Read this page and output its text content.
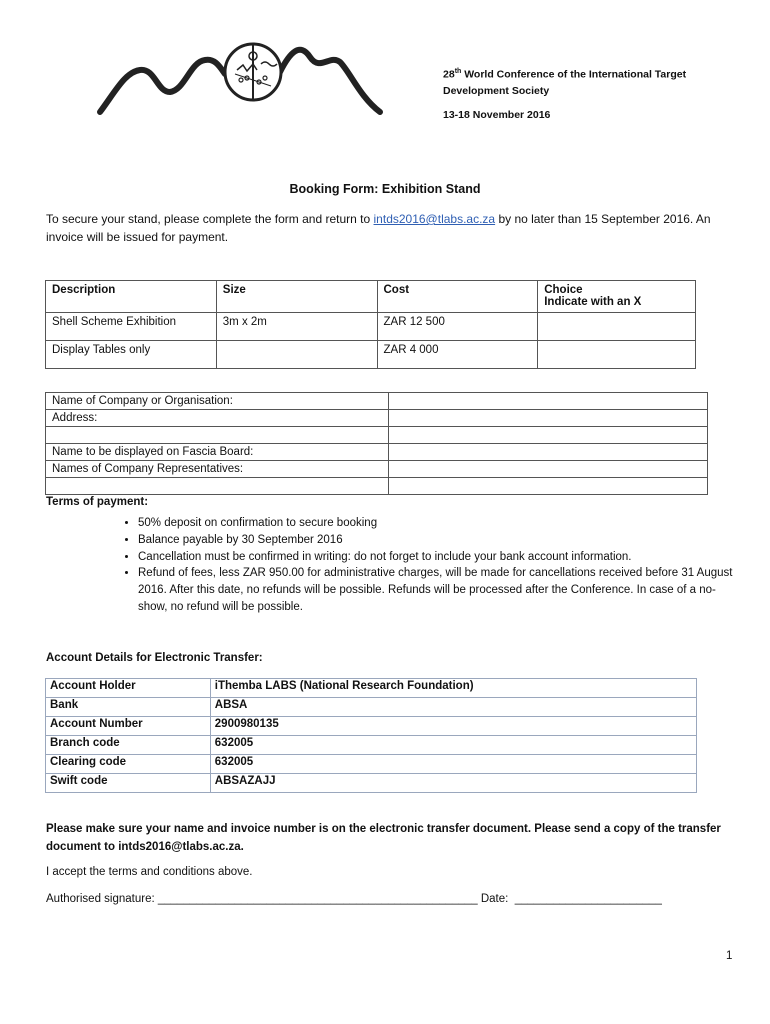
28th World Conference of the International Target
Development Society
13-18 November 2016
Booking Form: Exhibition Stand
To secure your stand, please complete the form and return to intds2016@tlabs.ac.za by no later than 15 September 2016. An invoice will be issued for payment.
Description	Size	Cost	Choice
Indicate with an X

Shell Scheme Exhibition	3m x 2m	ZAR 12 500	
Display Tables only		ZAR 4 000	
Name of Company or Organisation:	
Address:	

Name to be displayed on Fascia Board:	
Names of Company Representatives:	

Terms of payment:
• 50% deposit on confirmation to secure booking
• Balance payable by 30 September 2016
• Cancellation must be confirmed in writing: do not forget to include your bank account information.
• Refund of fees, less ZAR 950.00 for administrative charges, will be made for cancellations received before 31 August 2016. After this date, no refunds will be possible. Refunds will be processed after the Conference. In case of a no-show, no refund will be possible.
Account Details for Electronic Transfer:
Account Holder	iThemba LABS (National Research Foundation)
Bank	ABSA
Account Number	2900980135
Branch code	632005
Clearing code	632005
Swift code	ABSAZAJJ
Please make sure your name and invoice number is on the electronic transfer document. Please send a copy of the transfer document to intds2016@tlabs.ac.za.
I accept the terms and conditions above.
Authorised signature: __________________________________________________ Date:  _______________________
1
